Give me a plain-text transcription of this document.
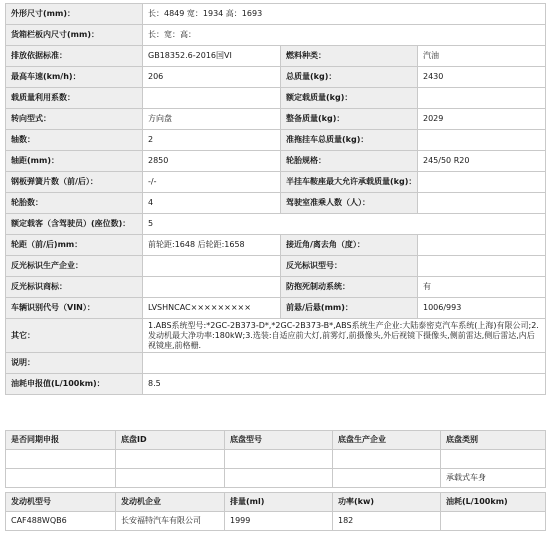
外形尺寸(mm)：	长：4849 宽：1934 高：1693		
货箱栏板内尺寸(mm)：	长：宽：高：		
排放依据标准：	GB18352.6-2016国VI	燃料种类：	汽油
最高车速(km/h)：	206	总质量(kg)：	2430
载质量利用系数：		额定载质量(kg)：	
转向型式：	方向盘	整备质量(kg)：	2029
轴数：	2	准拖挂车总质量(kg)：	
轴距(mm)：	2850	轮胎规格：	245/50 R20
钢板弹簧片数（前/后）：	-/-	半挂车鞍座最大允许承载质量(kg)：	
轮胎数：	4	驾驶室准乘人数（人）：	
额定载客（含驾驶员）(座位数)：	5		
轮距（前/后)mm：	前轮距:1648 后轮距:1658	接近角/离去角（度）：	
反光标识生产企业：		反光标识型号：	
反光标识商标：		防抱死制动系统：	有
车辆识别代号（VIN）：	LVSHNCAC×××××××××	前悬/后悬(mm)：	1006/993
其它：	1.ABS系统型号:*2GC-2B373-D*,*2GC-2B373-B*,ABS系统生产企业:大陆泰密克汽车系统(上海)有限公司;2.发动机最大净功率:180kW;3.选装:自适应前大灯,前雾灯,前摄像头,外后视镜下摄像头,侧前雷达,侧后雷达,内后视镜座,前格栅.		
说明：			
油耗申报值(L/100km)：	8.5		
是否同期申报	底盘ID	底盘型号	底盘生产企业	底盘类别

				承载式车身
发动机型号	发动机企业	排量(ml)	功率(kw)	油耗(L/100km)
CAF488WQB6	长安福特汽车有限公司	1999	182	
